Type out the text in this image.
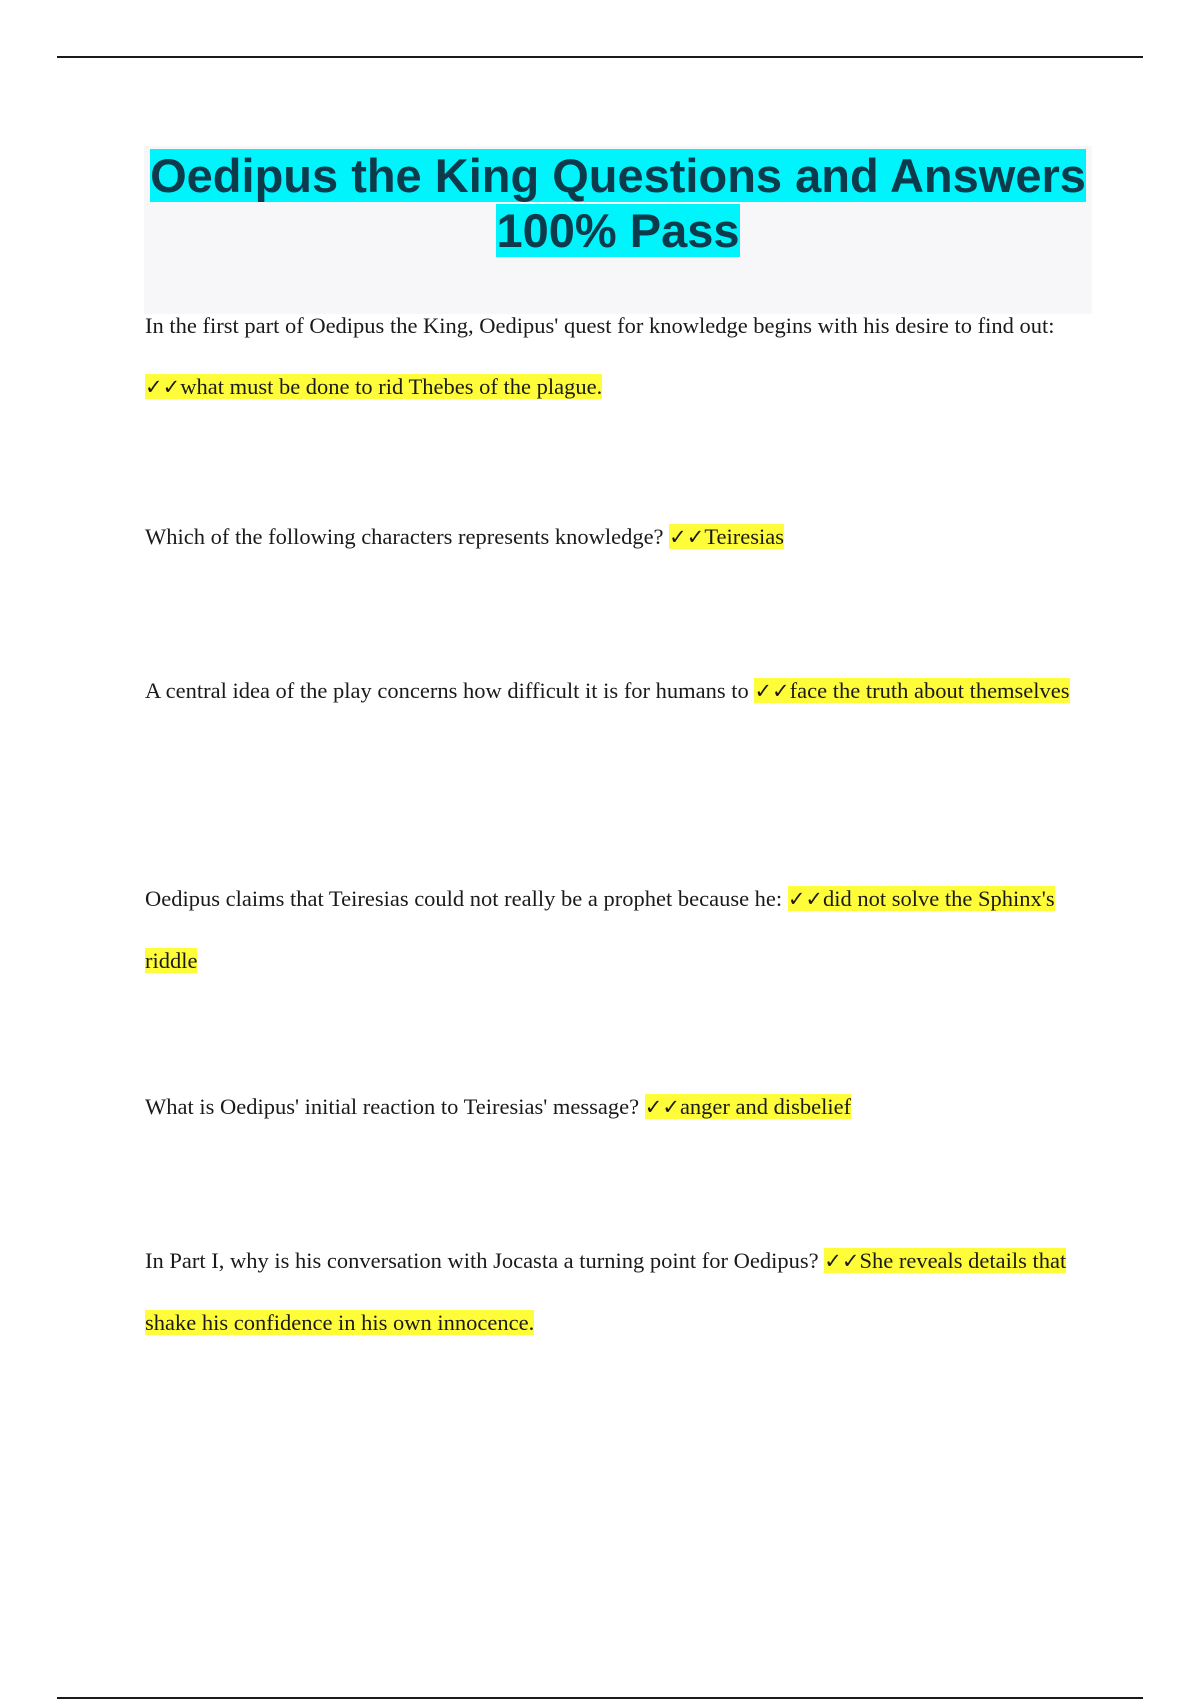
Oedipus the King Questions and Answers 100% Pass

In the first part of Oedipus the King, Oedipus' quest for knowledge begins with his desire to find out: ✓✓what must be done to rid Thebes of the plague.

Which of the following characters represents knowledge? ✓✓Teiresias

A central idea of the play concerns how difficult it is for humans to ✓✓face the truth about themselves

Oedipus claims that Teiresias could not really be a prophet because he: ✓✓did not solve the Sphinx's riddle

What is Oedipus' initial reaction to Teiresias' message? ✓✓anger and disbelief

In Part I, why is his conversation with Jocasta a turning point for Oedipus? ✓✓She reveals details that shake his confidence in his own innocence.
